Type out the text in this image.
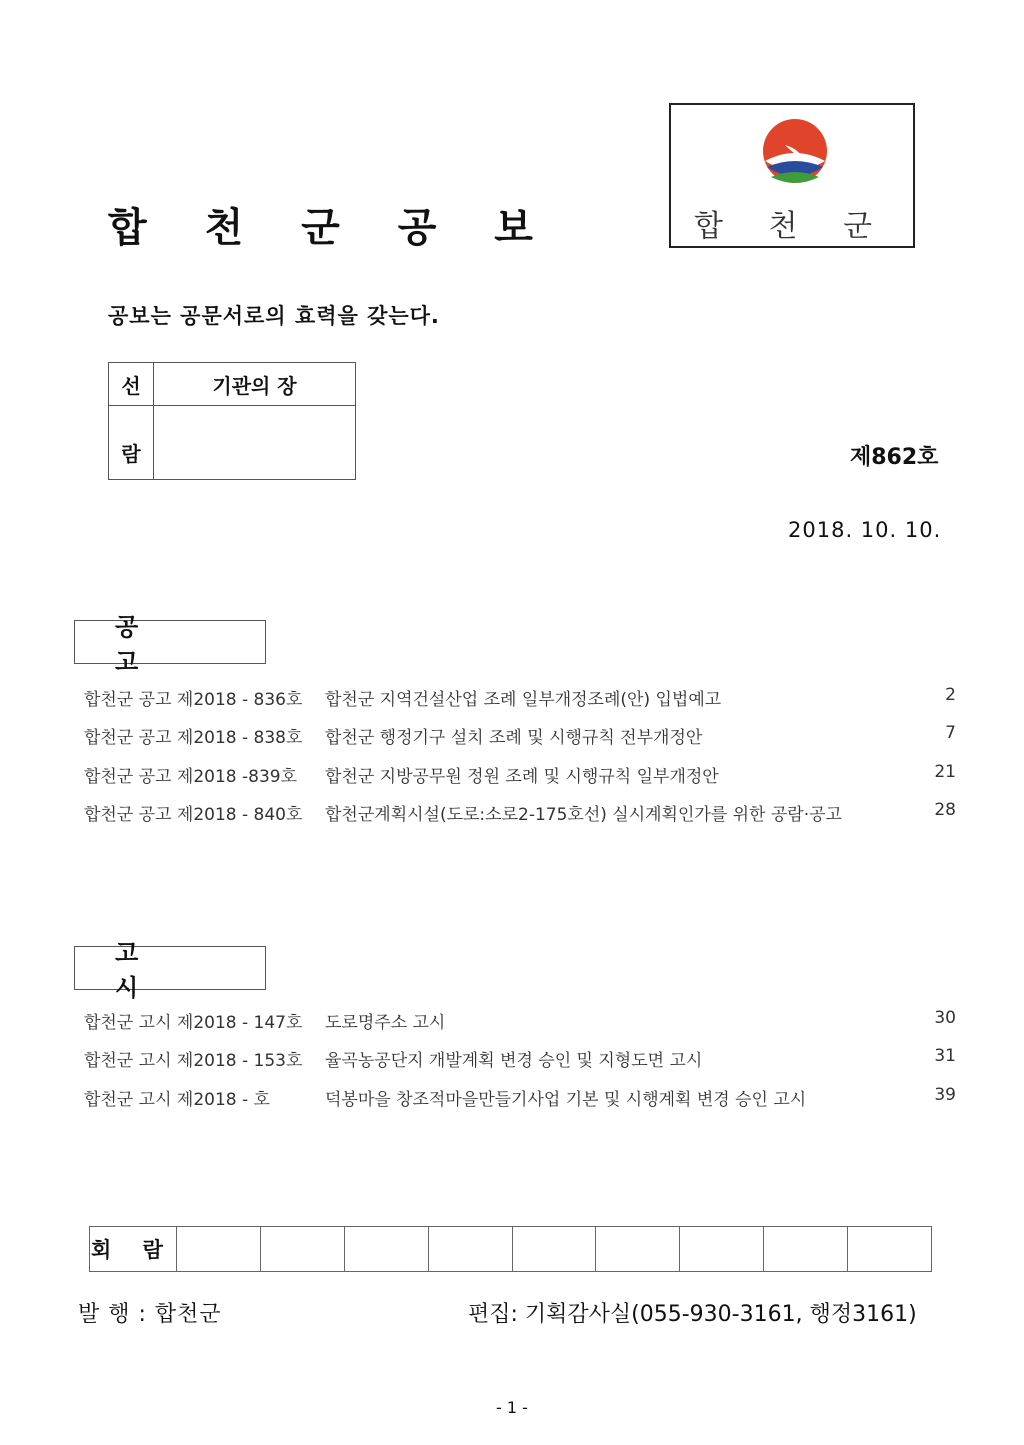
합 천 군 공 보	합 천 군
공보는 공문서로의 효력을 갖는다.
선	기관의 장
람		제862호
2018. 10. 10.
공 고
합천군 공고 제2018 - 836호 합천군 지역건설산업 조례 일부개정조례(안) 입법예고	2
합천군 공고 제2018 - 838호 합천군 행정기구 설치 조례 및 시행규칙 전부개정안	7
합천군 공고 제2018 -839호 합천군 지방공무원 정원 조례 및 시행규칙 일부개정안	21
합천군 공고 제2018 - 840호 합천군계획시설(도로:소로2-175호선) 실시계획인가를 위한 공람·공고	28
고 시
합천군 고시 제2018 - 147호 도로명주소 고시	30
합천군 고시 제2018 - 153호 율곡농공단지 개발계획 변경 승인 및 지형도면 고시	31
합천군 고시 제2018 - 호	덕봉마을 창조적마을만들기사업 기본 및 시행계획 변경 승인 고시	39
회 람									
발 행 : 합천군	편집: 기획감사실(055-930-3161, 행정3161)
- 1 -
